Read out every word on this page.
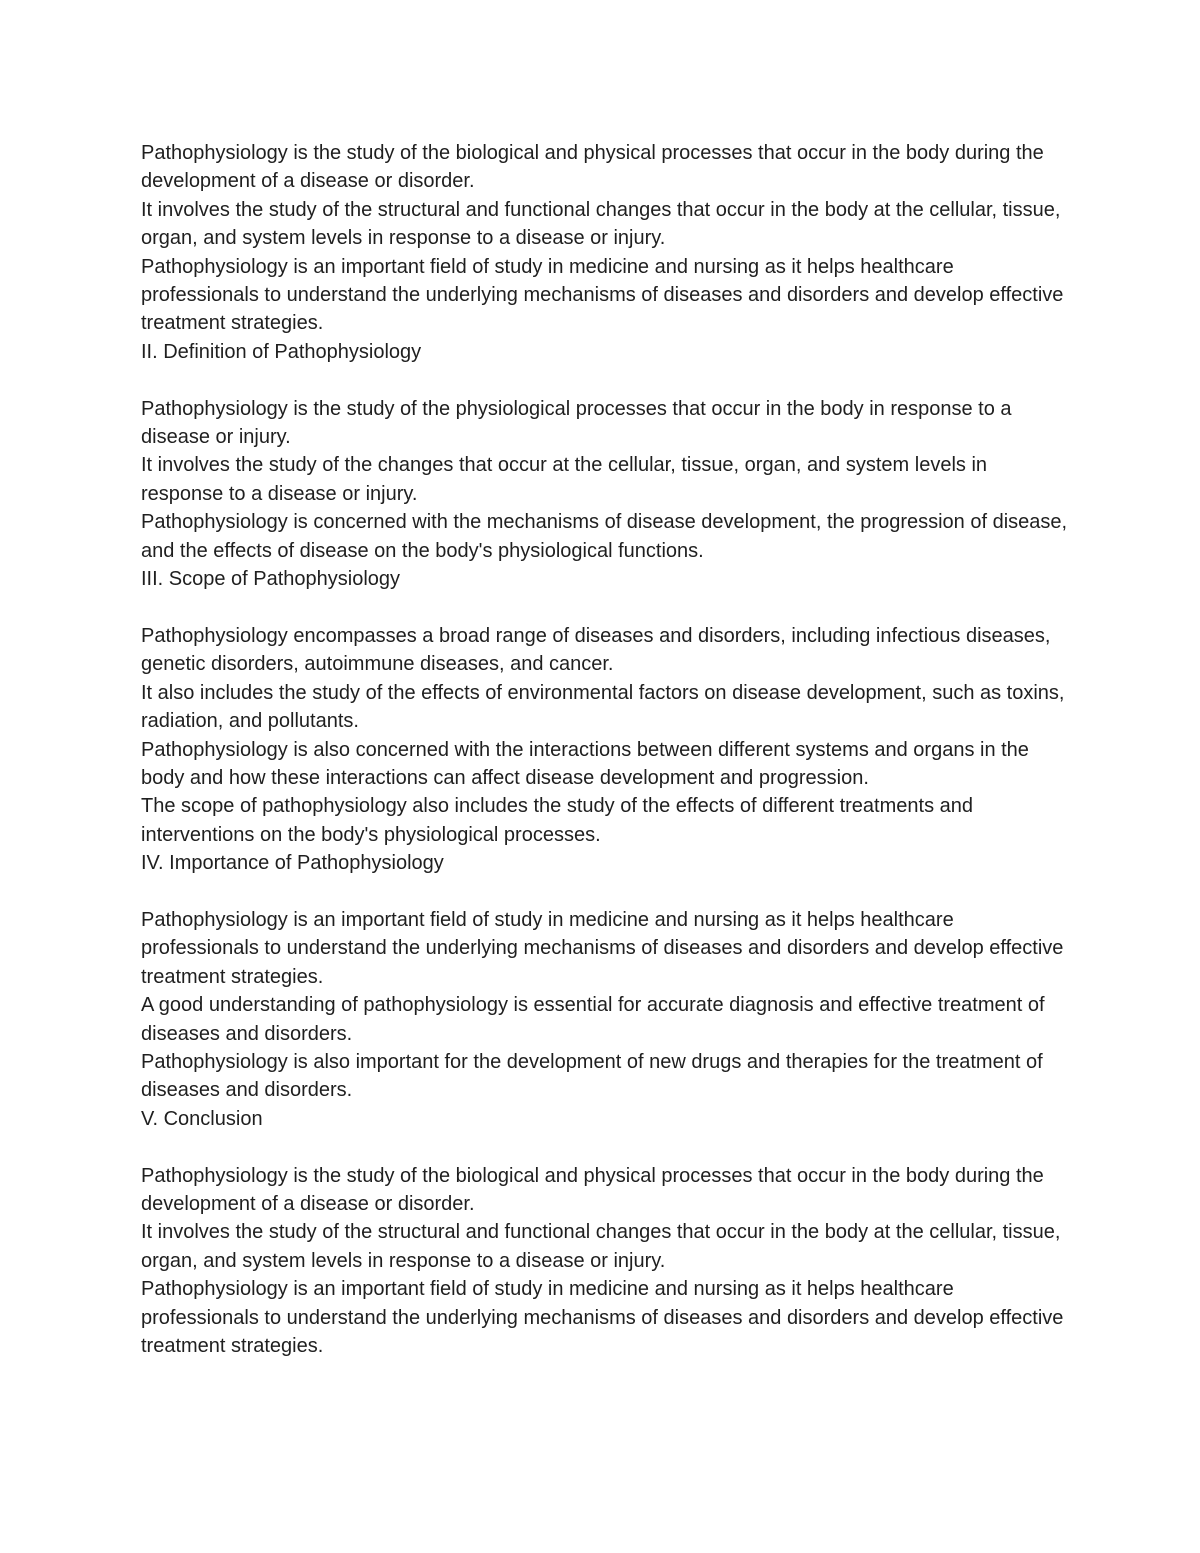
Pathophysiology is the study of the biological and physical processes that occur in the body during the development of a disease or disorder.

It involves the study of the structural and functional changes that occur in the body at the cellular, tissue, organ, and system levels in response to a disease or injury.

Pathophysiology is an important field of study in medicine and nursing as it helps healthcare professionals to understand the underlying mechanisms of diseases and disorders and develop effective treatment strategies.

II. Definition of Pathophysiology

Pathophysiology is the study of the physiological processes that occur in the body in response to a disease or injury.

It involves the study of the changes that occur at the cellular, tissue, organ, and system levels in response to a disease or injury.

Pathophysiology is concerned with the mechanisms of disease development, the progression of disease, and the effects of disease on the body's physiological functions.

III. Scope of Pathophysiology

Pathophysiology encompasses a broad range of diseases and disorders, including infectious diseases, genetic disorders, autoimmune diseases, and cancer.

It also includes the study of the effects of environmental factors on disease development, such as toxins, radiation, and pollutants.

Pathophysiology is also concerned with the interactions between different systems and organs in the body and how these interactions can affect disease development and progression.

The scope of pathophysiology also includes the study of the effects of different treatments and interventions on the body's physiological processes.

IV. Importance of Pathophysiology

Pathophysiology is an important field of study in medicine and nursing as it helps healthcare professionals to understand the underlying mechanisms of diseases and disorders and develop effective treatment strategies.

A good understanding of pathophysiology is essential for accurate diagnosis and effective treatment of diseases and disorders.

Pathophysiology is also important for the development of new drugs and therapies for the treatment of diseases and disorders.

V. Conclusion

Pathophysiology is the study of the biological and physical processes that occur in the body during the development of a disease or disorder.

It involves the study of the structural and functional changes that occur in the body at the cellular, tissue, organ, and system levels in response to a disease or injury.

Pathophysiology is an important field of study in medicine and nursing as it helps healthcare professionals to understand the underlying mechanisms of diseases and disorders and develop effective treatment strategies.
